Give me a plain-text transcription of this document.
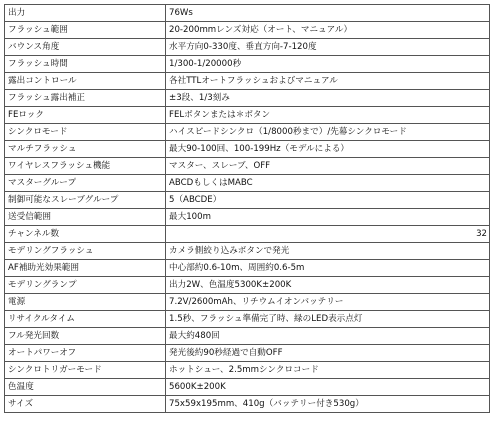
出力	76Ws
フラッシュ範囲	20-200mmレンズ対応（オート、マニュアル）
バウンス角度	水平方向0-330度、垂直方向-7-120度
フラッシュ時間	1/300-1/20000秒
露出コントロール	各社TTLオートフラッシュおよびマニュアル
フラッシュ露出補正	±3段、1/3刻み
FEロック	FELボタンまたは＊ボタン
シンクロモード	ハイスピードシンクロ（1/8000秒まで）/先幕シンクロモード
マルチフラッシュ	最大90-100回、100-199Hz（モデルによる）
ワイヤレスフラッシュ機能	マスター、スレーブ、OFF
マスターグループ	ABCDもしくはMABC
制御可能なスレーブグループ	5（ABCDE）
送受信範囲	最大100m
チャンネル数	32
モデリングフラッシュ	カメラ側絞り込みボタンで発光
AF補助光効果範囲	中心部約0.6-10m、周囲約0.6-5m
モデリングランプ	出力2W、色温度5300K±200K
電源	7.2V/2600mAh、リチウムイオンバッテリー
リサイクルタイム	1.5秒、フラッシュ準備完了時、緑のLED表示点灯
フル発光回数	最大約480回
オートパワーオフ	発光後約90秒経過で自動OFF
シンクロトリガーモード	ホットシュー、2.5mmシンクロコード
色温度	5600K±200K
サイズ	75x59x195mm、410g（バッテリー付き530g）
